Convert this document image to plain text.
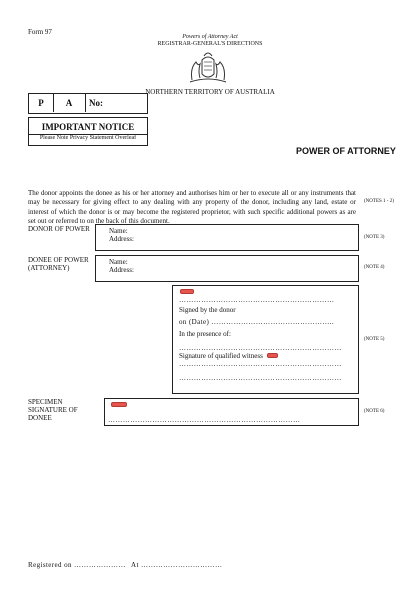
Form 97
Powers of Attorney Act
REGISTRAR-GENERAL'S DIRECTIONS
NORTHERN TERRITORY OF AUSTRALIA
P	A	No:
IMPORTANT NOTICE
Please Note Privacy Statement Overleaf
POWER OF ATTORNEY
The donor appoints the donee as his or her attorney and authorises him or her to execute all or any instruments that may be necessary for giving effect to any dealing with any property of the donor, including any land, estate or interest of which the donor is or may become the registered proprietor, with such specific additional powers as are set out or referred to on the back of this document.
(NOTES 1 - 2)
DONOR OF POWER	Name:
Address:	(NOTE 3)
DONEE OF POWER
(ATTORNEY)
Name:
Address:	(NOTE 4)
………………………………………………………
Signed by the donor
on (Date) …………………………………………..
In the presence of:
…………………………………………………………
Signature of qualified witness
…………………………………………………………
…………………………………………………………
(NOTE 5)
SPECIMEN
SIGNATURE OF
DONEE	……………………………………………………………………
(NOTE 6)
Registered on ………………… At ……………………………
